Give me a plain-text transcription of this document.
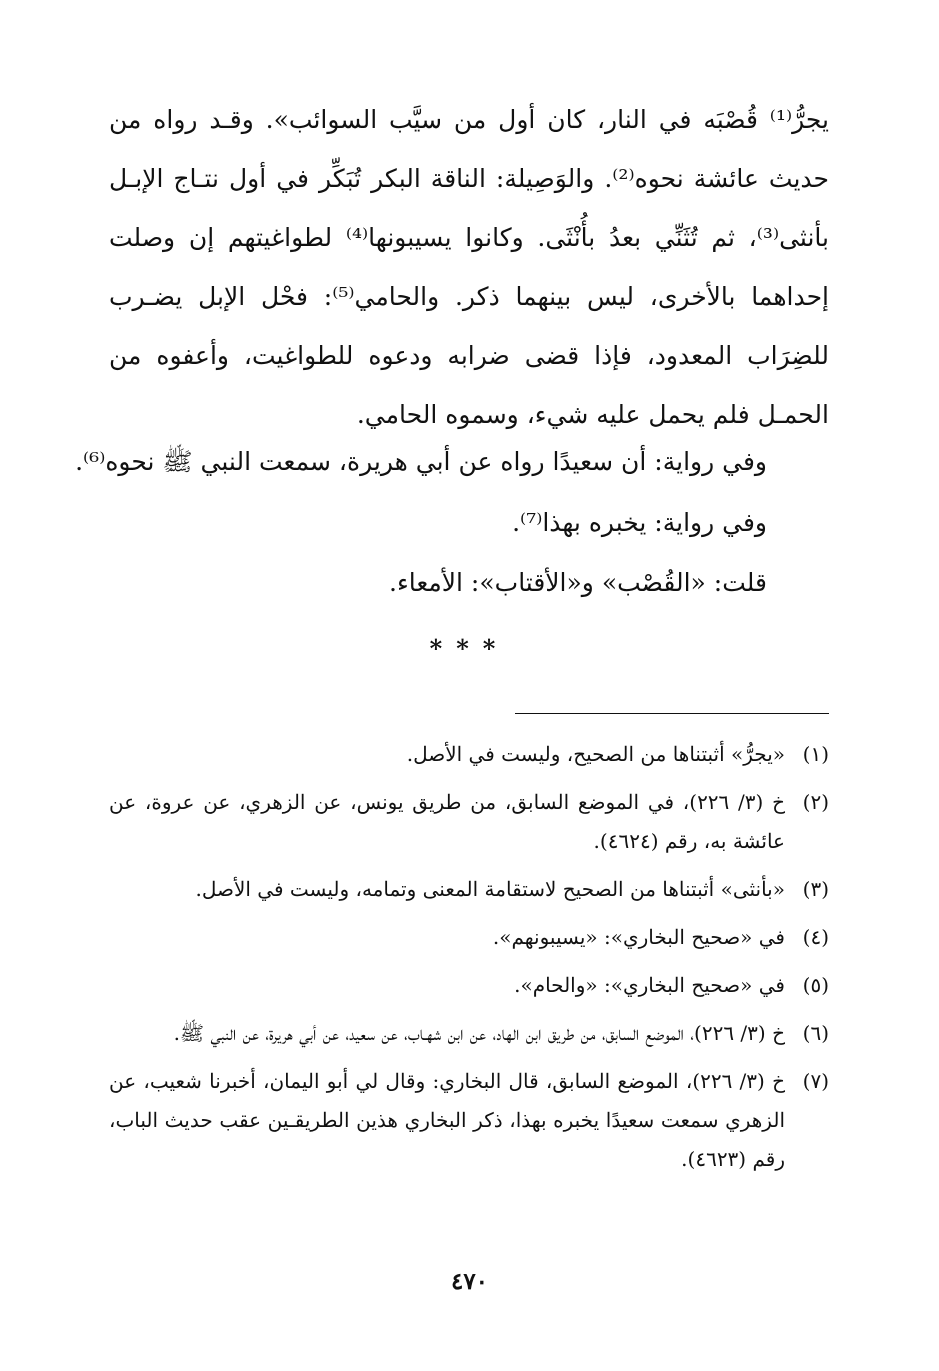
يجرُّ⁽¹⁾ قُصْبَه في النار، كان أول من سيَّب السوائب». وقـد رواه من حديث عائشة نحوه⁽²⁾. والوَصِيلة: الناقة البكر تُبَكِّر في أول نتـاج الإبـل بأنثى⁽³⁾، ثم تُثَنِّي بعدُ بأُنْثَى. وكانوا يسيبونها⁽⁴⁾ لطواغيتهم إن وصلت إحداهما بالأخرى، ليس بينهما ذكر. والحامي⁽⁵⁾: فحْل الإبل يضـرب للضِرَاب المعدود، فإذا قضى ضرابه ودعوه للطواغيت، وأعفوه من الحمـل فلم يحمل عليه شيء، وسموه الحامي.

وفي رواية: أن سعيدًا رواه عن أبي هريرة، سمعت النبي ﷺ نحوه⁽⁶⁾.
وفي رواية: يخبره بهذا⁽⁷⁾.
قلت: «القُصْب» و«الأقتاب»: الأمعاء.
***
(١)
«يجرُّ» أثبتناها من الصحيح، وليست في الأصل.
(٢)
خ (٣/ ٢٢٦)، في الموضع السابق، من طريق يونس، عن الزهري، عن عروة، عن عائشة به، رقم (٤٦٢٤).
(٣)
«بأنثى» أثبتناها من الصحيح لاستقامة المعنى وتمامه، وليست في الأصل.
(٤)
في «صحيح البخاري»: «يسيبونهم».
(٥)
في «صحيح البخاري»: «والحام».
(٦)
خ (٣/ ٢٢٦)، الموضع السابق، من طريق ابن الهاد، عن ابن شهـاب، عن سعيد، عن أبي هريرة، عن النبي ﷺ.
(٧)
خ (٣/ ٢٢٦)، الموضع السابق، قال البخاري: وقال لي أبو اليمان، أخبرنا شعيب، عن الزهري سمعت سعيدًا يخبره بهذا، ذكر البخاري هذين الطريقـين عقب حديث الباب، رقم (٤٦٢٣).
٤٧٠
